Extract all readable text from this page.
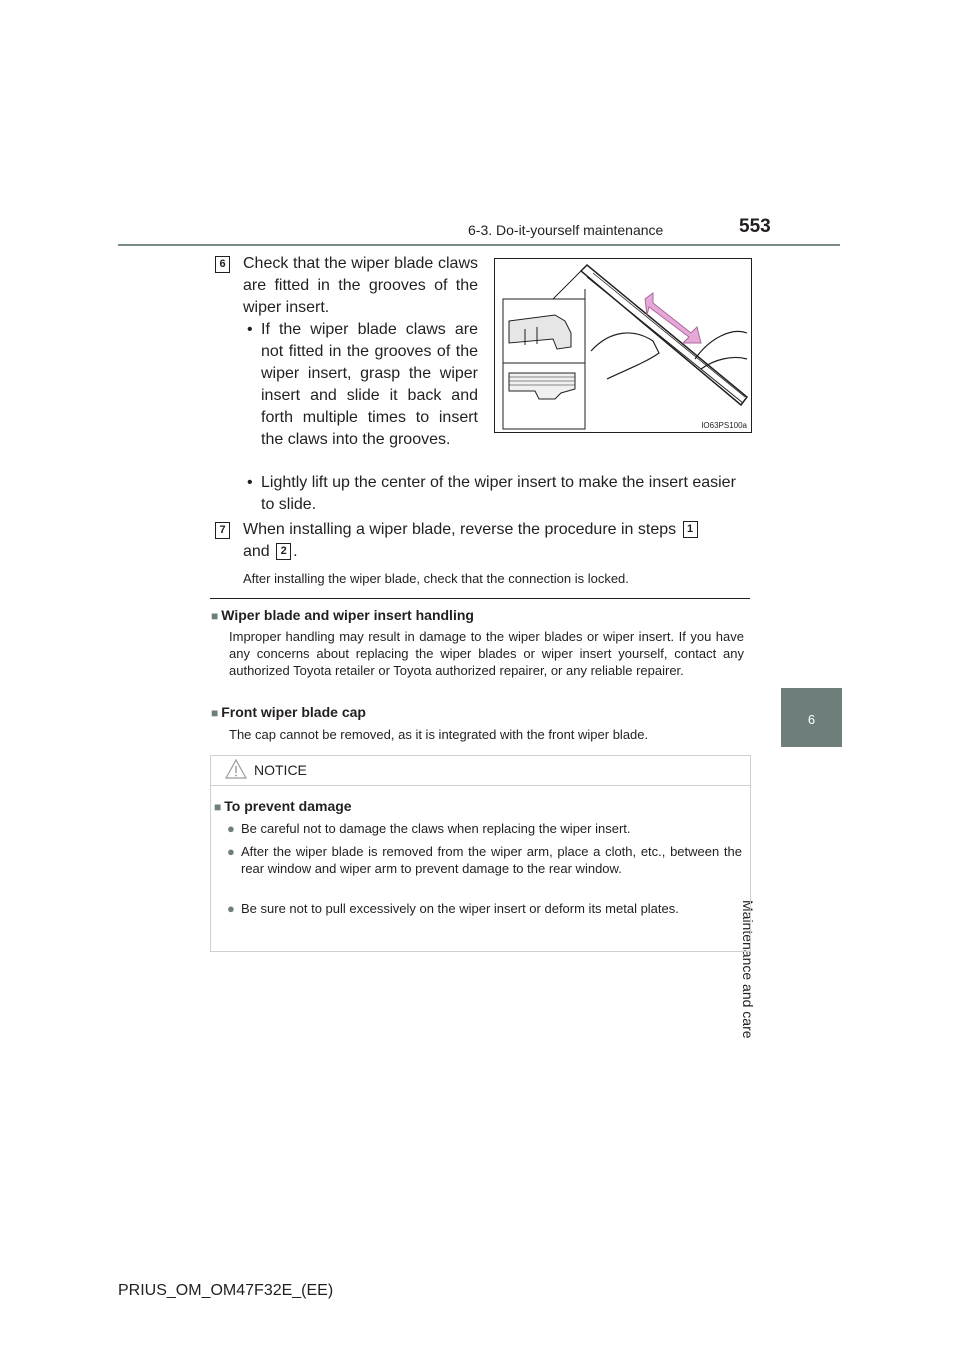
6-3. Do-it-yourself maintenance	553
6
Maintenance and care
6 Check that the wiper blade claws are fitted in the grooves of the wiper insert.
• If the wiper blade claws are not fitted in the grooves of the wiper insert, grasp the wiper insert and slide it back and forth multiple times to insert the claws into the grooves.
• Lightly lift up the center of the wiper insert to make the insert easier to slide.
IO63PS100a
7 When installing a wiper blade, reverse the procedure in steps 1
and 2 .
After installing the wiper blade, check that the connection is locked.
■ Wiper blade and wiper insert handling
Improper handling may result in damage to the wiper blades or wiper insert. If you have any concerns about replacing the wiper blades or wiper insert yourself, contact any authorized Toyota retailer or Toyota authorized repairer, or any reliable repairer.
■ Front wiper blade cap
The cap cannot be removed, as it is integrated with the front wiper blade.
NOTICE
■ To prevent damage
● Be careful not to damage the claws when replacing the wiper insert.
● After the wiper blade is removed from the wiper arm, place a cloth, etc., between the rear window and wiper arm to prevent damage to the rear window.
● Be sure not to pull excessively on the wiper insert or deform its metal plates.
PRIUS_OM_OM47F32E_(EE)
